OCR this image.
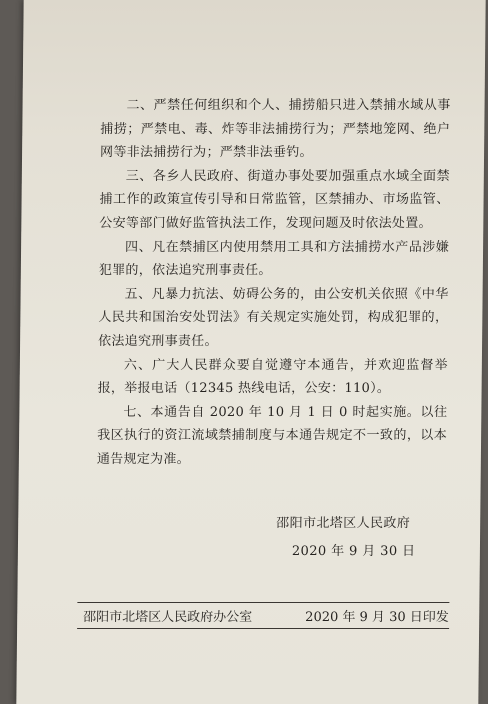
二、严禁任何组织和个人、捕捞船只进入禁捕水域从事捕捞；严禁电、毒、炸等非法捕捞行为；严禁地笼网、绝户网等非法捕捞行为；严禁非法垂钓。

三、各乡人民政府、街道办事处要加强重点水域全面禁捕工作的政策宣传引导和日常监管，区禁捕办、市场监管、公安等部门做好监管执法工作，发现问题及时依法处置。

四、凡在禁捕区内使用禁用工具和方法捕捞水产品涉嫌犯罪的，依法追究刑事责任。

五、凡暴力抗法、妨碍公务的，由公安机关依照《中华人民共和国治安处罚法》有关规定实施处罚，构成犯罪的，依法追究刑事责任。

六、广大人民群众要自觉遵守本通告，并欢迎监督举报，举报电话（12345 热线电话，公安：110）。

七、本通告自 2020 年 10 月 1 日 0 时起实施。以往我区执行的资江流域禁捕制度与本通告规定不一致的，以本通告规定为准。

邵阳市北塔区人民政府
2020 年 9 月 30 日
邵阳市北塔区人民政府办公室	2020 年 9 月 30 日印发
